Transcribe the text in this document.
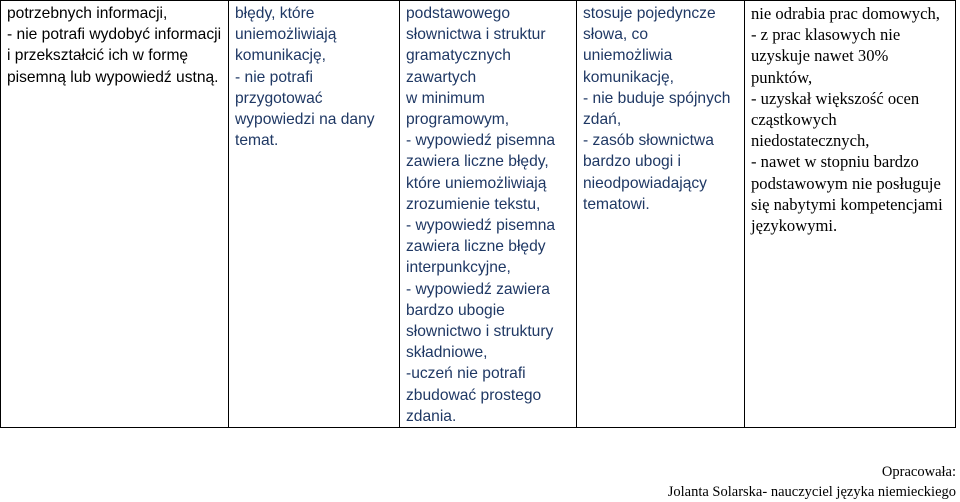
potrzebnych informacji,
- nie potrafi wydobyć informacji i przekształcić ich w formę pisemną lub wypowiedź ustną.

błędy, które uniemożliwiają komunikację,
- nie potrafi przygotować wypowiedzi na dany temat.

podstawowego słownictwa i struktur gramatycznych zawartych
w minimum programowym,
- wypowiedź pisemna zawiera liczne błędy, które uniemożliwiają zrozumienie tekstu,
- wypowiedź pisemna zawiera liczne błędy interpunkcyjne,
- wypowiedź zawiera bardzo ubogie słownictwo i struktury składniowe,
-uczeń nie potrafi zbudować prostego zdania.

stosuje pojedyncze słowa, co uniemożliwia komunikację,
- nie buduje spójnych zdań,
- zasób słownictwa bardzo ubogi i nieodpowiadający tematowi.

nie odrabia prac domowych,
- z prac klasowych nie uzyskuje nawet 30% punktów,
- uzyskał większość ocen cząstkowych niedostatecznych,
- nawet w stopniu bardzo podstawowym nie posługuje się nabytymi kompetencjami językowymi.

Opracowała:
Jolanta Solarska- nauczyciel języka niemieckiego
